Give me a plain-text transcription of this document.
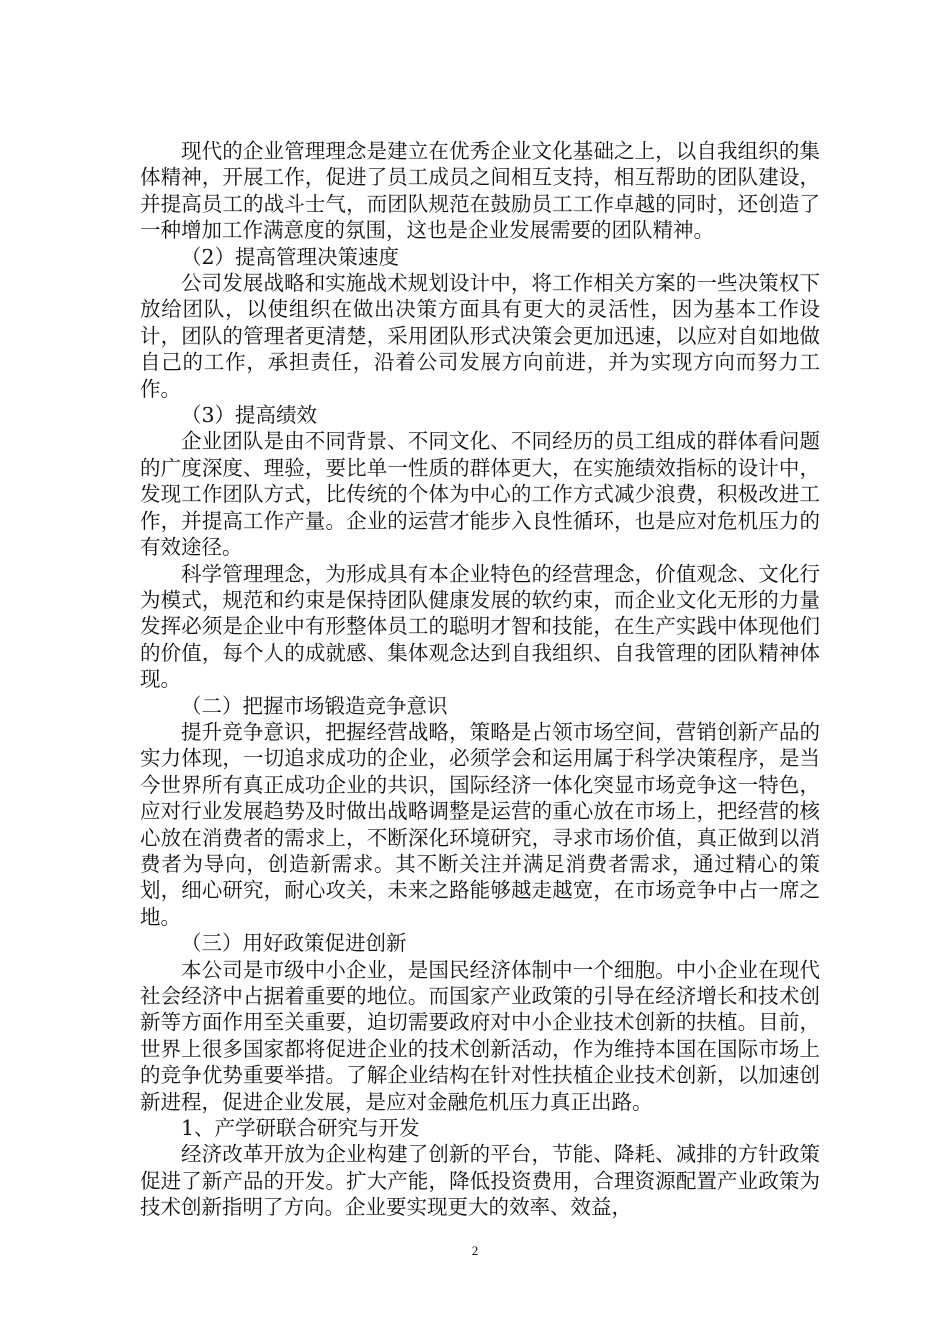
现代的企业管理理念是建立在优秀企业文化基础之上，以自我组织的集体精神，开展工作，促进了员工成员之间相互支持，相互帮助的团队建设，并提高员工的战斗士气，而团队规范在鼓励员工工作卓越的同时，还创造了一种增加工作满意度的氛围，这也是企业发展需要的团队精神。

（2）提高管理决策速度

公司发展战略和实施战术规划设计中，将工作相关方案的一些决策权下放给团队，以使组织在做出决策方面具有更大的灵活性，因为基本工作设计，团队的管理者更清楚，采用团队形式决策会更加迅速，以应对自如地做自己的工作，承担责任，沿着公司发展方向前进，并为实现方向而努力工作。

（3）提高绩效

企业团队是由不同背景、不同文化、不同经历的员工组成的群体看问题的广度深度、理验，要比单一性质的群体更大，在实施绩效指标的设计中，发现工作团队方式，比传统的个体为中心的工作方式减少浪费，积极改进工作，并提高工作产量。企业的运营才能步入良性循环，也是应对危机压力的有效途径。

科学管理理念，为形成具有本企业特色的经营理念，价值观念、文化行为模式，规范和约束是保持团队健康发展的软约束，而企业文化无形的力量发挥必须是企业中有形整体员工的聪明才智和技能，在生产实践中体现他们的价值，每个人的成就感、集体观念达到自我组织、自我管理的团队精神体现。

（二）把握市场锻造竞争意识

提升竞争意识，把握经营战略，策略是占领市场空间，营销创新产品的实力体现，一切追求成功的企业，必须学会和运用属于科学决策程序，是当今世界所有真正成功企业的共识，国际经济一体化突显市场竞争这一特色，应对行业发展趋势及时做出战略调整是运营的重心放在市场上，把经营的核心放在消费者的需求上，不断深化环境研究，寻求市场价值，真正做到以消费者为导向，创造新需求。其不断关注并满足消费者需求，通过精心的策划，细心研究，耐心攻关，未来之路能够越走越宽，在市场竞争中占一席之地。

（三）用好政策促进创新

本公司是市级中小企业，是国民经济体制中一个细胞。中小企业在现代社会经济中占据着重要的地位。而国家产业政策的引导在经济增长和技术创新等方面作用至关重要，迫切需要政府对中小企业技术创新的扶植。目前，世界上很多国家都将促进企业的技术创新活动，作为维持本国在国际市场上的竞争优势重要举措。了解企业结构在针对性扶植企业技术创新，以加速创新进程，促进企业发展，是应对金融危机压力真正出路。

1、产学研联合研究与开发

经济改革开放为企业构建了创新的平台，节能、降耗、减排的方针政策促进了新产品的开发。扩大产能，降低投资费用，合理资源配置产业政策为技术创新指明了方向。企业要实现更大的效率、效益，

2
